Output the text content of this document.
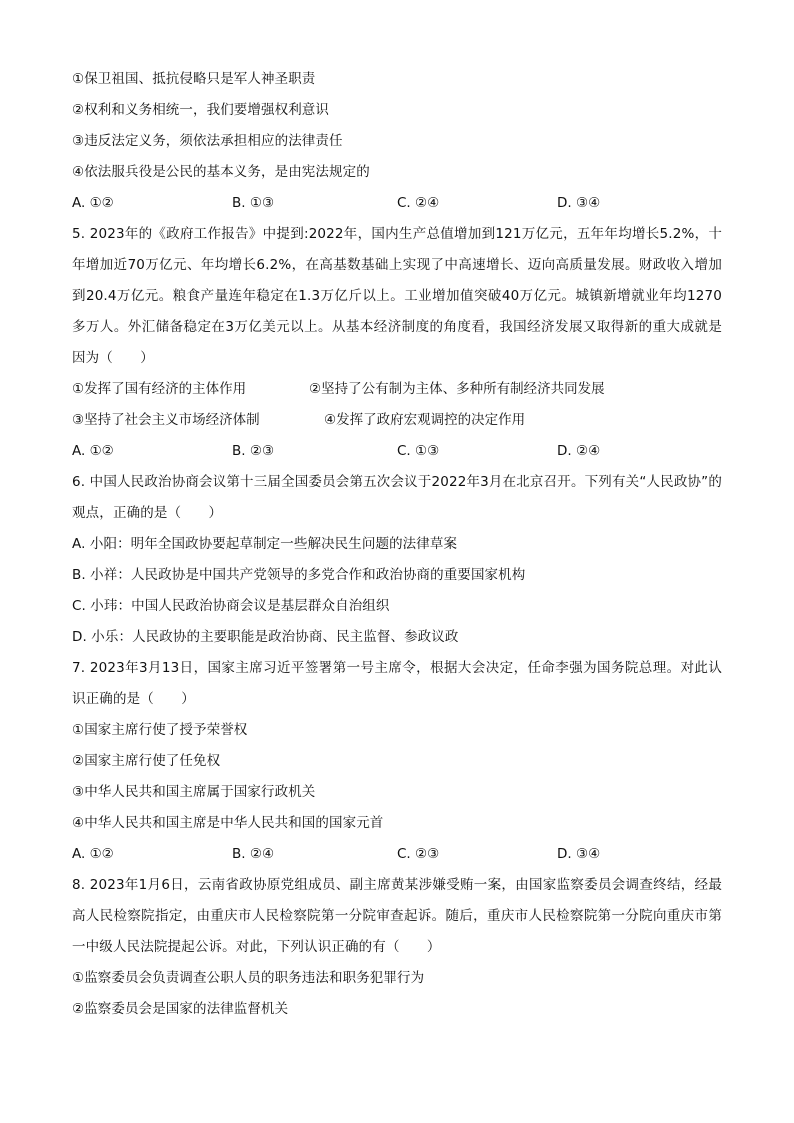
①保卫祖国、抵抗侵略只是军人神圣职责
②权利和义务相统一，我们要增强权利意识
③违反法定义务，须依法承担相应的法律责任
④依法服兵役是公民的基本义务，是由宪法规定的
A. ①②	B. ①③	C. ②④	D. ③④
5. 2023年的《政府工作报告》中提到:2022年，国内生产总值增加到121万亿元，五年年均增长5.2%，十年增加近70万亿元、年均增长6.2%，在高基数基础上实现了中高速增长、迈向高质量发展。财政收入增加到20.4万亿元。粮食产量连年稳定在1.3万亿斤以上。工业增加值突破40万亿元。城镇新增就业年均1270多万人。外汇储备稳定在3万亿美元以上。从基本经济制度的角度看，我国经济发展又取得新的重大成就是因为（　　）
①发挥了国有经济的主体作用	②坚持了公有制为主体、多种所有制经济共同发展
③坚持了社会主义市场经济体制	④发挥了政府宏观调控的决定作用
A. ①②	B. ②③	C. ①③	D. ②④
6. 中国人民政治协商会议第十三届全国委员会第五次会议于2022年3月在北京召开。下列有关“人民政协”的观点，正确的是（　　）
A. 小阳：明年全国政协要起草制定一些解决民生问题的法律草案
B. 小祥：人民政协是中国共产党领导的多党合作和政治协商的重要国家机构
C. 小玮：中国人民政治协商会议是基层群众自治组织
D. 小乐：人民政协的主要职能是政治协商、民主监督、参政议政
7. 2023年3月13日，国家主席习近平签署第一号主席令，根据大会决定，任命李强为国务院总理。对此认识正确的是（　　）
①国家主席行使了授予荣誉权
②国家主席行使了任免权
③中华人民共和国主席属于国家行政机关
④中华人民共和国主席是中华人民共和国的国家元首
A. ①②	B. ②④	C. ②③	D. ③④
8. 2023年1月6日，云南省政协原党组成员、副主席黄某涉嫌受贿一案，由国家监察委员会调查终结，经最高人民检察院指定，由重庆市人民检察院第一分院审查起诉。随后，重庆市人民检察院第一分院向重庆市第一中级人民法院提起公诉。对此，下列认识正确的有（　　）
①监察委员会负责调查公职人员的职务违法和职务犯罪行为
②监察委员会是国家的法律监督机关
